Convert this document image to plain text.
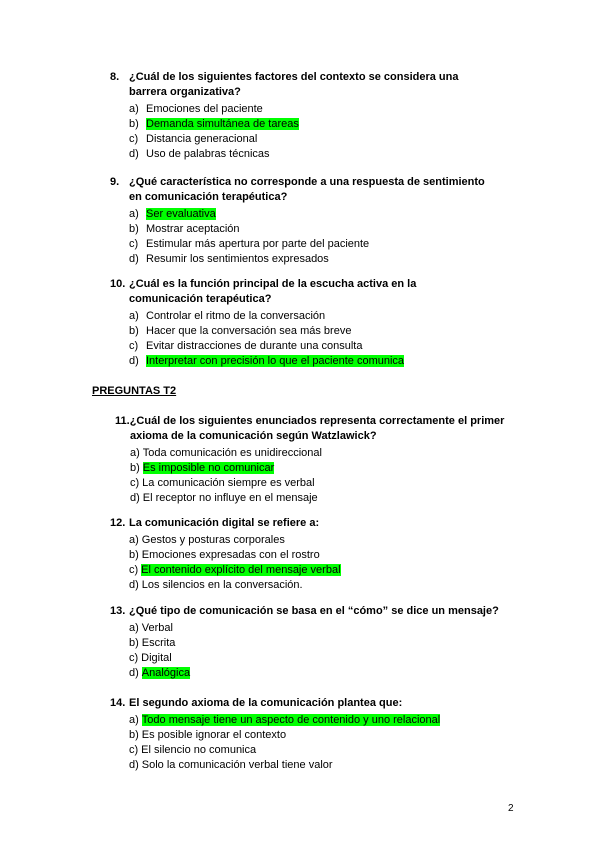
8. ¿Cuál de los siguientes factores del contexto se considera una
barrera organizativa?
a) Emociones del paciente
b) Demanda simultánea de tareas
c) Distancia generacional
d) Uso de palabras técnicas
9. ¿Qué característica no corresponde a una respuesta de sentimiento
en comunicación terapéutica?
a) Ser evaluativa
b) Mostrar aceptación
c) Estimular más apertura por parte del paciente
d) Resumir los sentimientos expresados
10. ¿Cuál es la función principal de la escucha activa en la
comunicación terapéutica?
a) Controlar el ritmo de la conversación
b) Hacer que la conversación sea más breve
c) Evitar distracciones de durante una consulta
d) Interpretar con precisión lo que el paciente comunica
PREGUNTAS T2
11.¿Cuál de los siguientes enunciados representa correctamente el primer
axioma de la comunicación según Watzlawick?
a) Toda comunicación es unidireccional
b) Es imposible no comunicar
c) La comunicación siempre es verbal
d) El receptor no influye en el mensaje
12. La comunicación digital se refiere a:
a) Gestos y posturas corporales
b) Emociones expresadas con el rostro
c) El contenido explícito del mensaje verbal
d) Los silencios en la conversación.
13. ¿Qué tipo de comunicación se basa en el “cómo” se dice un mensaje?
a) Verbal
b) Escrita
c) Digital
d) Analógica
14. El segundo axioma de la comunicación plantea que:
a) Todo mensaje tiene un aspecto de contenido y uno relacional
b) Es posible ignorar el contexto
c) El silencio no comunica
d) Solo la comunicación verbal tiene valor
2
